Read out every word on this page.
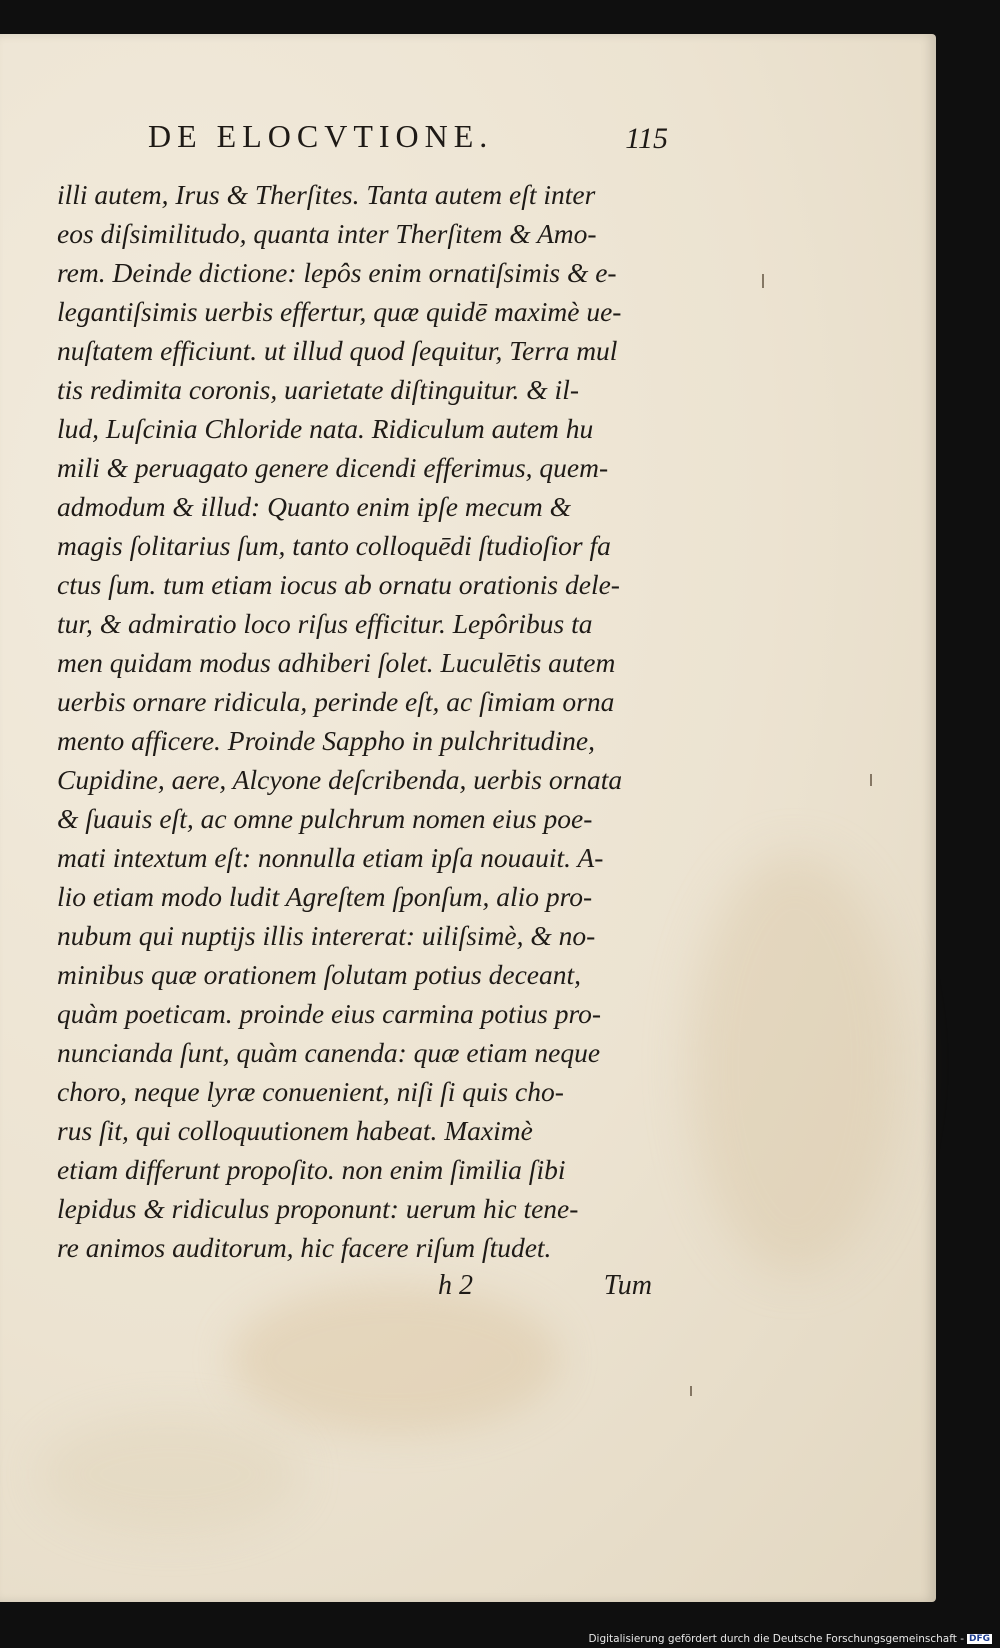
DE ELOCVTIONE.	115
illi autem, Irus & Therſites. Tanta autem eſt inter
eos diſsimilitudo, quanta inter Therſitem & Amo-
rem. Deinde dictione: lepôs enim ornatiſsimis & e-
legantiſsimis uerbis effertur, quæ quidē maximè ue-
nuſtatem efficiunt. ut illud quod ſequitur, Terra mul
tis redimita coronis, uarietate diſtinguitur. & il-
lud, Luſcinia Chloride nata. Ridiculum autem hu
mili & peruagato genere dicendi efferimus, quem-
admodum & illud: Quanto enim ipſe mecum &
magis ſolitarius ſum, tanto colloquēdi ſtudioſior fa
ctus ſum. tum etiam iocus ab ornatu orationis dele-
tur, & admiratio loco riſus efficitur. Lepôribus ta
men quidam modus adhiberi ſolet. Luculētis autem
uerbis ornare ridicula, perinde eſt, ac ſimiam orna
mento afficere. Proinde Sappho in pulchritudine,
Cupidine, aere, Alcyone deſcribenda, uerbis ornata
& ſuauis eſt, ac omne pulchrum nomen eius poe-
mati intextum eſt: nonnulla etiam ipſa nouauit. A-
lio etiam modo ludit Agreſtem ſponſum, alio pro-
nubum qui nuptijs illis intererat: uiliſsimè, & no-
minibus quæ orationem ſolutam potius deceant,
quàm poeticam. proinde eius carmina potius pro-
nuncianda ſunt, quàm canenda: quæ etiam neque
choro, neque lyræ conuenient, niſi ſi quis cho-
rus ſit, qui colloquutionem habeat. Maximè
etiam differunt propoſito. non enim ſimilia ſibi
lepidus & ridiculus proponunt: uerum hic tene-
re animos auditorum, hic facere riſum ſtudet.
h 2	Tum
Digitalisierung gefördert durch die Deutsche Forschungsgemeinschaft - DFG
